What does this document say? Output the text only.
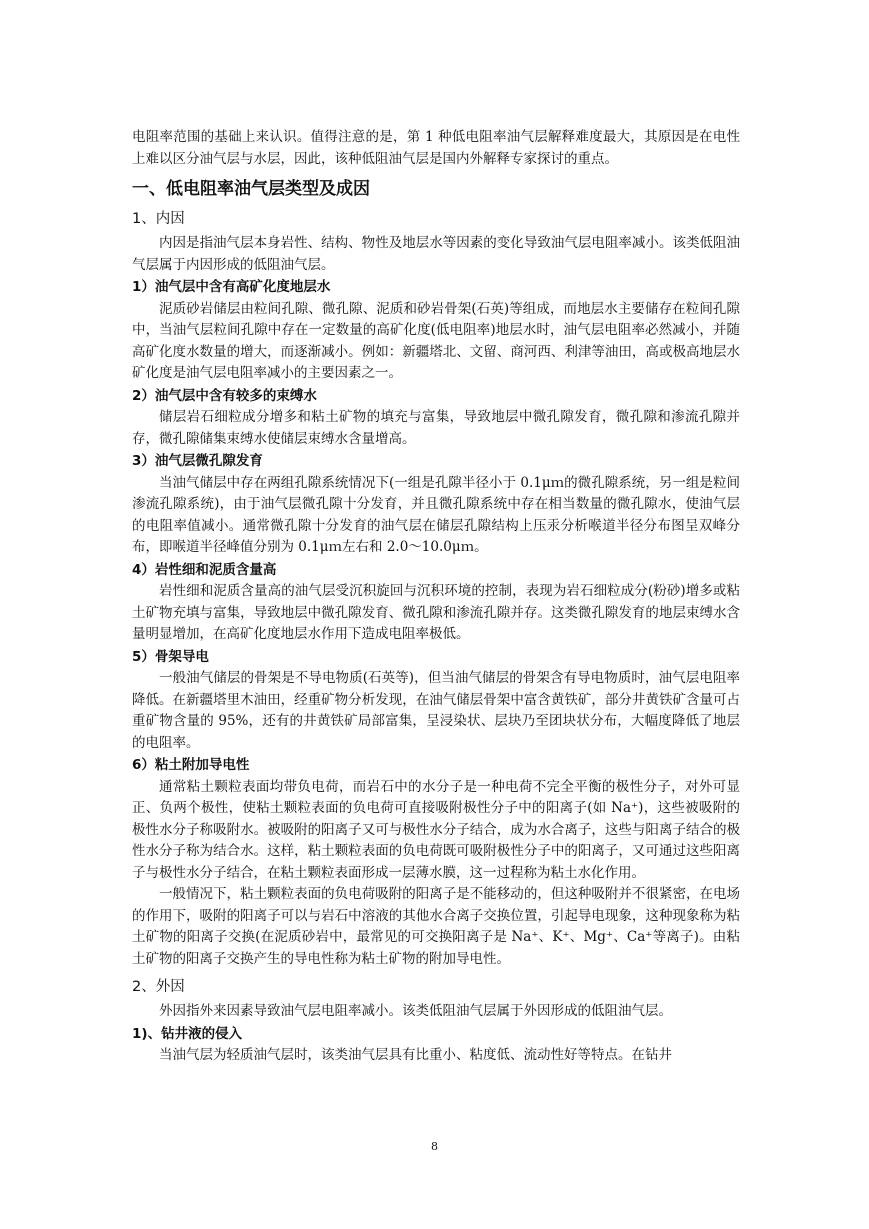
电阻率范围的基础上来认识。值得注意的是，第 1 种低电阻率油气层解释难度最大，其原因是在电性上难以区分油气层与水层，因此，该种低阻油气层是国内外解释专家探讨的重点。

一、低电阻率油气层类型及成因
1、内因

内因是指油气层本身岩性、结构、物性及地层水等因素的变化导致油气层电阻率减小。该类低阻油气层属于内因形成的低阻油气层。

1）油气层中含有高矿化度地层水

泥质砂岩储层由粒间孔隙、微孔隙、泥质和砂岩骨架(石英)等组成，而地层水主要储存在粒间孔隙中，当油气层粒间孔隙中存在一定数量的高矿化度(低电阻率)地层水时，油气层电阻率必然减小，并随高矿化度水数量的增大，而逐渐减小。例如：新疆塔北、文留、商河西、利津等油田，高或极高地层水矿化度是油气层电阻率减小的主要因素之一。

2）油气层中含有较多的束缚水

储层岩石细粒成分增多和粘土矿物的填充与富集，导致地层中微孔隙发育，微孔隙和渗流孔隙并存，微孔隙储集束缚水使储层束缚水含量增高。

3）油气层微孔隙发育

当油气储层中存在两组孔隙系统情况下(一组是孔隙半径小于 0.1μｍ的微孔隙系统，另一组是粒间渗流孔隙系统)，由于油气层微孔隙十分发育，并且微孔隙系统中存在相当数量的微孔隙水，使油气层的电阻率值减小。通常微孔隙十分发育的油气层在储层孔隙结构上压汞分析喉道半径分布图呈双峰分布，即喉道半径峰值分别为 0.1μｍ左右和 2.0～10.0μｍ。

4）岩性细和泥质含量高

岩性细和泥质含量高的油气层受沉积旋回与沉积环境的控制，表现为岩石细粒成分(粉砂)增多或粘土矿物充填与富集，导致地层中微孔隙发育、微孔隙和渗流孔隙并存。这类微孔隙发育的地层束缚水含量明显增加，在高矿化度地层水作用下造成电阻率极低。

5）骨架导电

一般油气储层的骨架是不导电物质(石英等)，但当油气储层的骨架含有导电物质时，油气层电阻率降低。在新疆塔里木油田，经重矿物分析发现，在油气储层骨架中富含黄铁矿，部分井黄铁矿含量可占重矿物含量的 95%，还有的井黄铁矿局部富集，呈浸染状、层块乃至团块状分布，大幅度降低了地层的电阻率。

6）粘土附加导电性

通常粘土颗粒表面均带负电荷，而岩石中的水分子是一种电荷不完全平衡的极性分子，对外可显正、负两个极性，使粘土颗粒表面的负电荷可直接吸附极性分子中的阳离子(如 Na⁺)，这些被吸附的极性水分子称吸附水。被吸附的阳离子又可与极性水分子结合，成为水合离子，这些与阳离子结合的极性水分子称为结合水。这样，粘土颗粒表面的负电荷既可吸附极性分子中的阳离子，又可通过这些阳离子与极性水分子结合，在粘土颗粒表面形成一层薄水膜，这一过程称为粘土水化作用。

一般情况下，粘土颗粒表面的负电荷吸附的阳离子是不能移动的，但这种吸附并不很紧密，在电场的作用下，吸附的阳离子可以与岩石中溶液的其他水合离子交换位置，引起导电现象，这种现象称为粘土矿物的阳离子交换(在泥质砂岩中，最常见的可交换阳离子是 Na⁺、K⁺、Mg⁺、Ca⁺等离子)。由粘土矿物的阳离子交换产生的导电性称为粘土矿物的附加导电性。

2、外因

外因指外来因素导致油气层电阻率减小。该类低阻油气层属于外因形成的低阻油气层。

1)、钻井液的侵入

当油气层为轻质油气层时，该类油气层具有比重小、粘度低、流动性好等特点。在钻井

8
